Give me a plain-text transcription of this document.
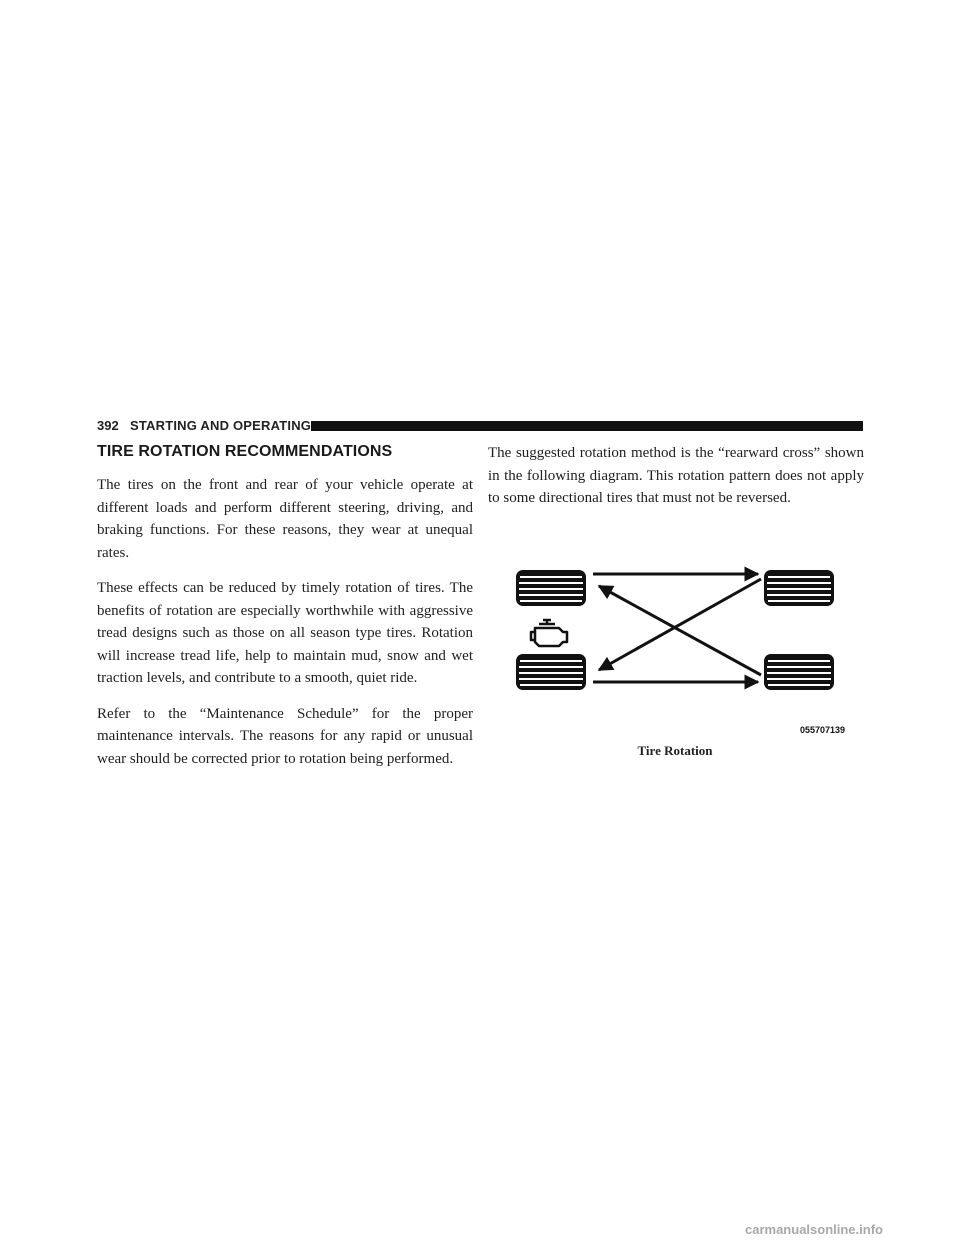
392 STARTING AND OPERATING
TIRE ROTATION RECOMMENDATIONS

The tires on the front and rear of your vehicle operate at different loads and perform different steering, driving, and braking functions. For these reasons, they wear at unequal rates.

These effects can be reduced by timely rotation of tires. The benefits of rotation are especially worthwhile with aggressive tread designs such as those on all season type tires. Rotation will increase tread life, help to maintain mud, snow and wet traction levels, and contribute to a smooth, quiet ride.

Refer to the “Maintenance Schedule” for the proper maintenance intervals. The reasons for any rapid or unusual wear should be corrected prior to rotation being performed.

The suggested rotation method is the “rearward cross” shown in the following diagram. This rotation pattern does not apply to some directional tires that must not be reversed.

055707139
Tire Rotation
carmanualsonline.info
